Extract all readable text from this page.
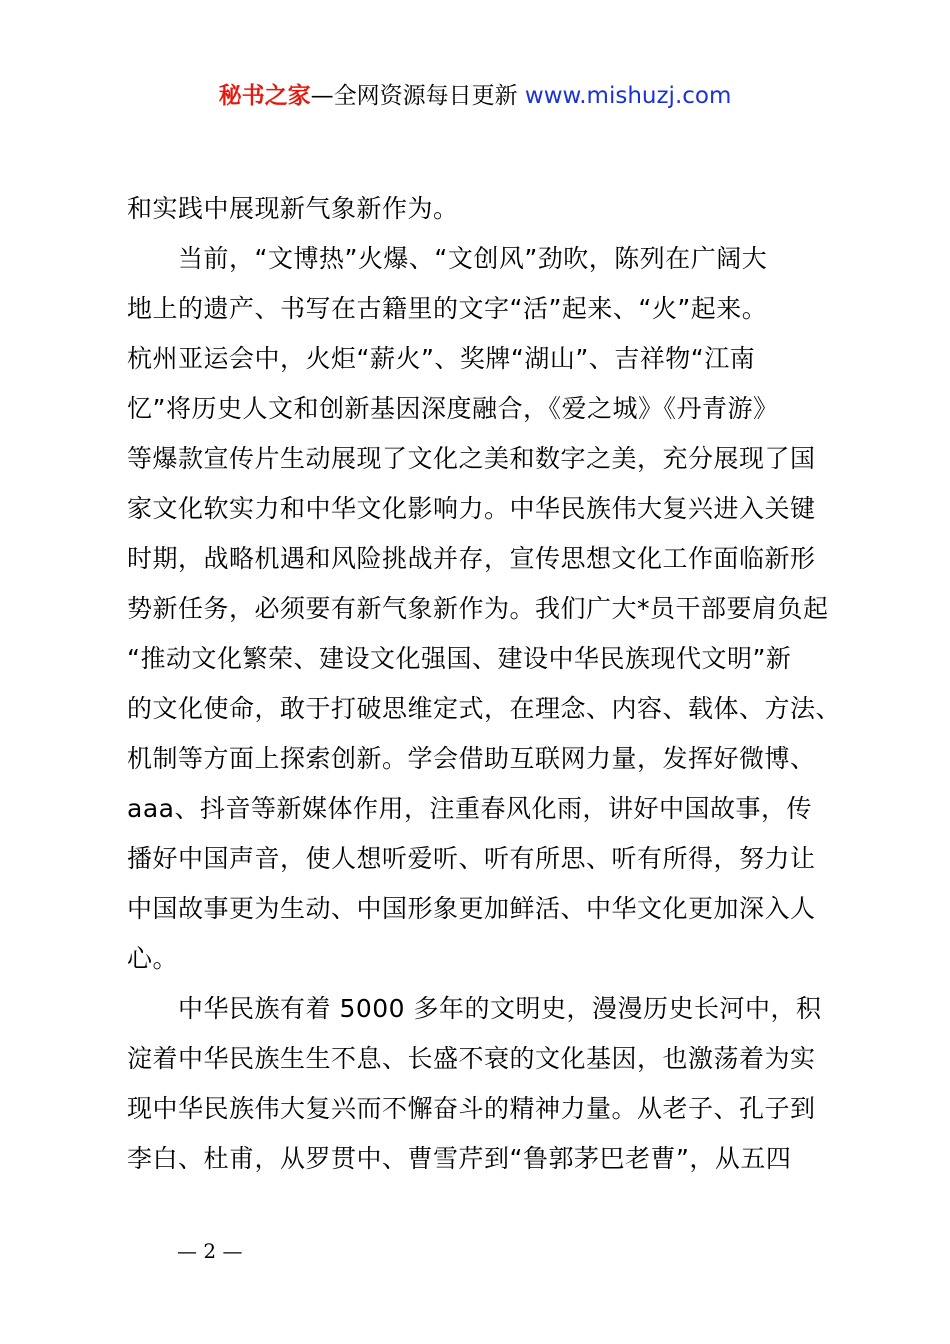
秘书之家—全网资源每日更新 www.mishuzj.com
和实践中展现新气象新作为。
当前，“文博热”火爆、“文创风”劲吹，陈列在广阔大
地上的遗产、书写在古籍里的文字“活”起来、“火”起来。
杭州亚运会中，火炬“薪火”、奖牌“湖山”、吉祥物“江南
忆”将历史人文和创新基因深度融合，《爱之城》《丹青游》
等爆款宣传片生动展现了文化之美和数字之美，充分展现了国
家文化软实力和中华文化影响力。中华民族伟大复兴进入关键
时期，战略机遇和风险挑战并存，宣传思想文化工作面临新形
势新任务，必须要有新气象新作为。我们广大*员干部要肩负起
“推动文化繁荣、建设文化强国、建设中华民族现代文明”新
的文化使命，敢于打破思维定式，在理念、内容、载体、方法、
机制等方面上探索创新。学会借助互联网力量，发挥好微博、
aaa、抖音等新媒体作用，注重春风化雨，讲好中国故事，传
播好中国声音，使人想听爱听、听有所思、听有所得，努力让
中国故事更为生动、中国形象更加鲜活、中华文化更加深入人
心。
中华民族有着 5000 多年的文明史，漫漫历史长河中，积
淀着中华民族生生不息、长盛不衰的文化基因，也激荡着为实
现中华民族伟大复兴而不懈奋斗的精神力量。从老子、孔子到
李白、杜甫，从罗贯中、曹雪芹到“鲁郭茅巴老曹”，从五四
— 2 —
